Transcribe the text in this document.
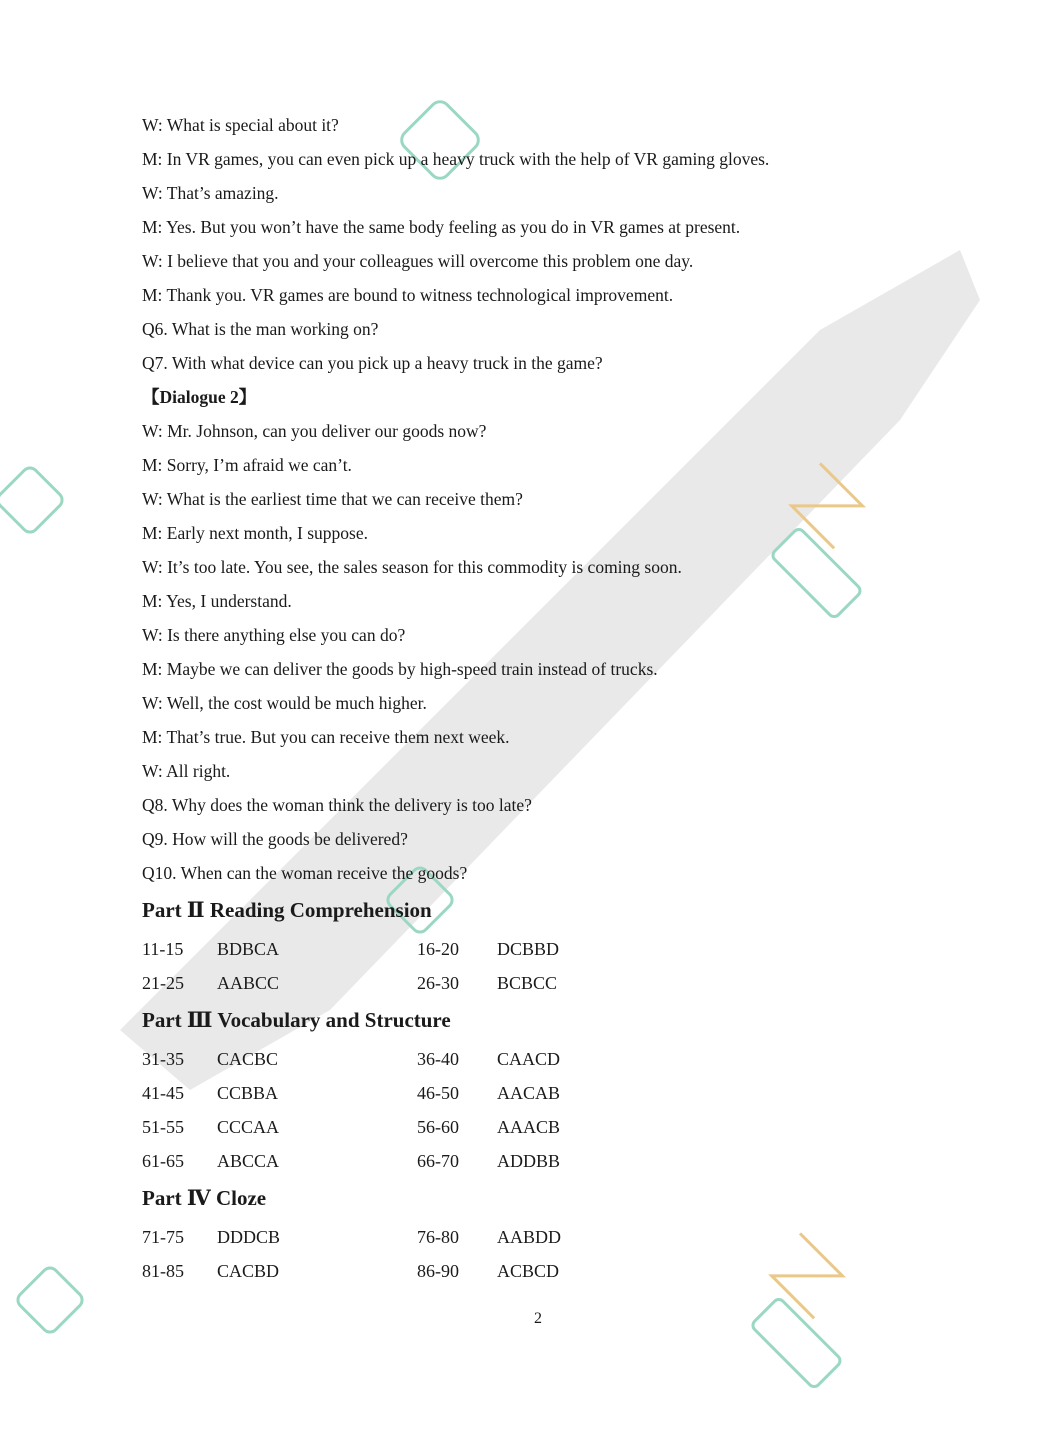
W: What is special about it?
M: In VR games, you can even pick up a heavy truck with the help of VR gaming gloves.
W: That’s amazing.
M: Yes. But you won’t have the same body feeling as you do in VR games at present.
W: I believe that you and your colleagues will overcome this problem one day.
M: Thank you. VR games are bound to witness technological improvement.
Q6. What is the man working on?
Q7. With what device can you pick up a heavy truck in the game?
【Dialogue 2】
W: Mr. Johnson, can you deliver our goods now?
M: Sorry, I’m afraid we can’t.
W: What is the earliest time that we can receive them?
M: Early next month, I suppose.
W: It’s too late. You see, the sales season for this commodity is coming soon.
M: Yes, I understand.
W: Is there anything else you can do?
M: Maybe we can deliver the goods by high-speed train instead of trucks.
W: Well, the cost would be much higher.
M: That’s true. But you can receive them next week.
W: All right.
Q8. Why does the woman think the delivery is too late?
Q9. How will the goods be delivered?
Q10. When can the woman receive the goods?
Part Ⅱ Reading Comprehension
11-15 BDBCA	16-20 DCBBD
21-25 AABCC	26-30 BCBCC
Part Ⅲ Vocabulary and Structure
31-35 CACBC	36-40 CAACD
41-45 CCBBA	46-50 AACAB
51-55 CCCAA	56-60 AAACB
61-65 ABCCA	66-70 ADDBB
Part Ⅳ Cloze
71-75 DDDCB	76-80 AABDD
81-85 CACBD	86-90 ACBCD
2
